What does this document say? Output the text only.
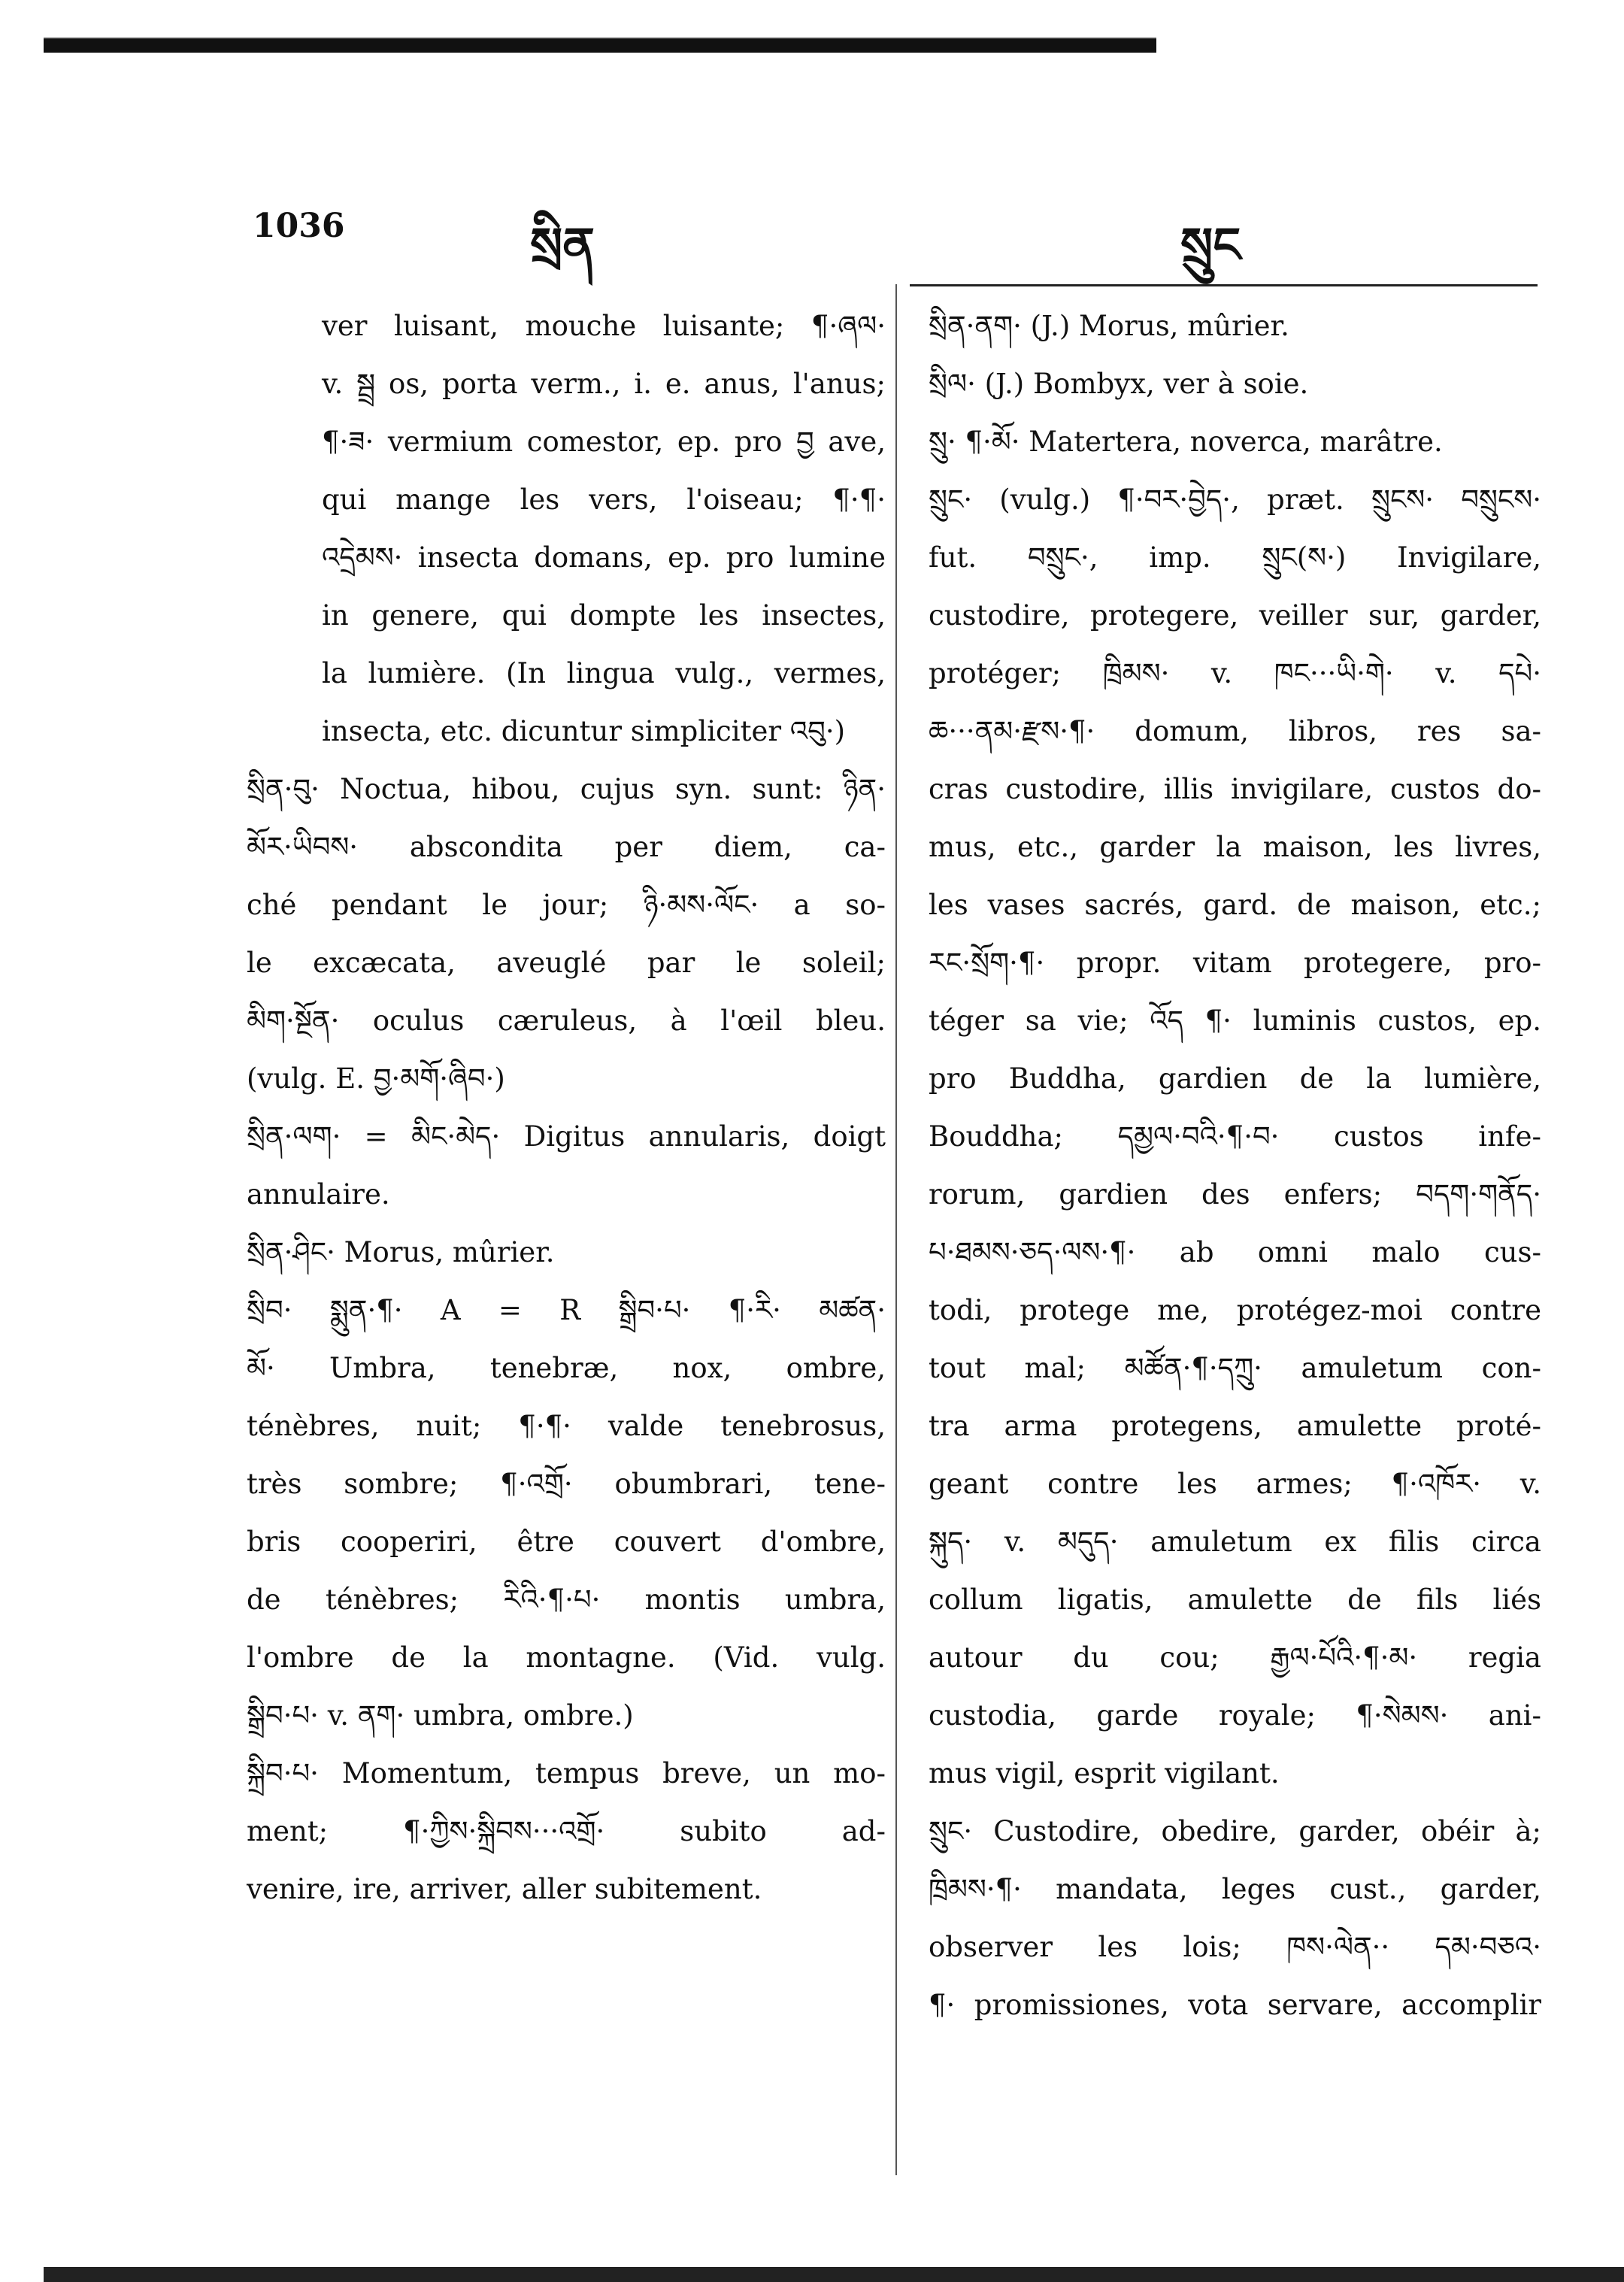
1036	སྲིན	སྲུང
ver luisant, mouche luisante; ¶·ཞལ·
v. སྦྲ os, porta verm., i. e. anus, l'anus;
¶·ཟ· vermium comestor, ep. pro བྱ ave,
qui mange les vers, l'oiseau; ¶·¶·
འདྲེམས· insecta domans, ep. pro lumine
in genere, qui dompte les insectes,
la lumière. (In lingua vulg., vermes,
insecta, etc. dicuntur simpliciter འབུ·)
སྲིན·བུ· Noctua, hibou, cujus syn. sunt: ཉིན·
མོར·ཡིབས· abscondita per diem, ca-
ché pendant le jour; ཉི·མས·ལོང· a so-
le excæcata, aveuglé par le soleil;
མིག·སྔོན· oculus cæruleus, à l'œil bleu.
(vulg. E. བྱ·མགོ·ཞིབ·)
སྲིན·ལག· = མིང·མེད· Digitus annularis, doigt
annulaire.
སྲིན·ཤིང· Morus, mûrier.
སྲིབ· སྨུན·¶· A = R སྒྲིབ·པ· ¶·རི· མཚན·
མོ· Umbra, tenebræ, nox, ombre,
ténèbres, nuit; ¶·¶· valde tenebrosus,
très sombre; ¶·འགྲོ· obumbrari, tene-
bris cooperiri, être couvert d'ombre,
de ténèbres; རིའི·¶·པ· montis umbra,
l'ombre de la montagne. (Vid. vulg.
སྒྲིབ·པ· v. ནག· umbra, ombre.)
སྐྲིབ·པ· Momentum, tempus breve, un mo-
ment; ¶·ཀྱིས·སྐྲིབས···འགྲོ· subito ad-
venire, ire, arriver, aller subitement.
སྲིན·ནག· (J.) Morus, mûrier.
སྲིལ· (J.) Bombyx, ver à soie.
སྲུ· ¶·མོ· Matertera, noverca, marâtre.
སྲུང· (vulg.) ¶·བར·བྱེད·, præt. སྲུངས· བསྲུངས·
fut. བསྲུང·, imp. སྲུང(ས·) Invigilare,
custodire, protegere, veiller sur, garder,
protéger; ཁྲིམས· v. ཁང···ཡི·གེ· v. དཔེ·
ཆ···ནམ·རྫས·¶· domum, libros, res sa-
cras custodire, illis invigilare, custos do-
mus, etc., garder la maison, les livres,
les vases sacrés, gard. de maison, etc.;
རང·སྲོག·¶· propr. vitam protegere, pro-
téger sa vie; འོད ¶· luminis custos, ep.
pro Buddha, gardien de la lumière,
Bouddha; དམྱལ·བའི·¶·བ· custos infe-
rorum, gardien des enfers; བདག·གནོད·
པ·ཐམས·ཅད·ལས·¶· ab omni malo cus-
todi, protege me, protégez-moi contre
tout mal; མཚོན·¶·དཀྲུ· amuletum con-
tra arma protegens, amulette proté-
geant contre les armes; ¶·འཁོར· v.
སྐུད· v. མདུད· amuletum ex filis circa
collum ligatis, amulette de fils liés
autour du cou; རྒྱལ·པོའི·¶·མ· regia
custodia, garde royale; ¶·སེམས· ani-
mus vigil, esprit vigilant.
སྲུང· Custodire, obedire, garder, obéir à;
ཁྲིམས·¶· mandata, leges cust., garder,
observer les lois; ཁས·ལེན·· དམ·བཅའ·
¶· promissiones, vota servare, accomplir
